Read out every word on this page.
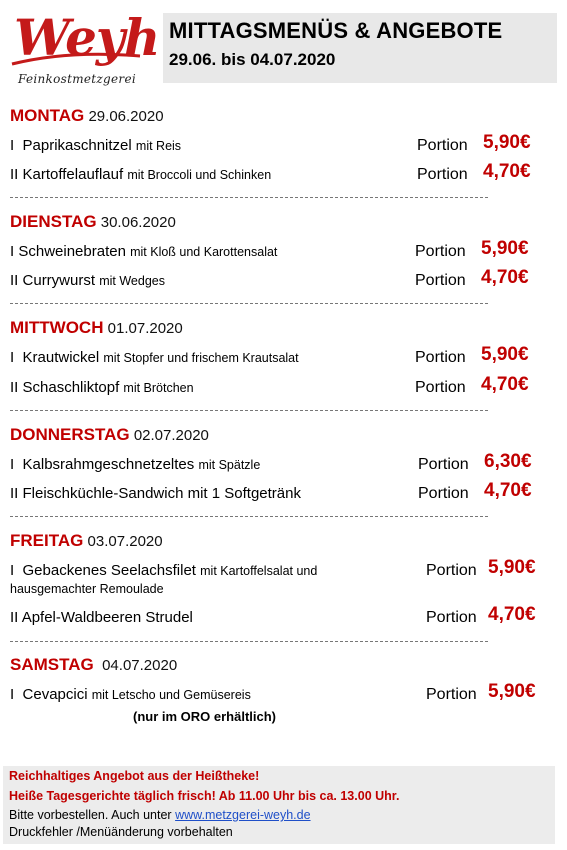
Weyh
Feinkostmetzgerei
MITTAGSMENÜS & ANGEBOTE
29.06. bis 04.07.2020
MONTAG 29.06.2020
I Paprikaschnitzel mit Reis	Portion 5,90€
II Kartoffelauflauf mit Broccoli und Schinken	Portion 4,70€
DIENSTAG 30.06.2020
I Schweinebraten mit Kloß und Karottensalat	Portion 5,90€
II Currywurst mit Wedges	Portion 4,70€
MITTWOCH 01.07.2020
I Krautwickel mit Stopfer und frischem Krautsalat	Portion 5,90€
II Schaschliktopf mit Brötchen	Portion 4,70€
DONNERSTAG 02.07.2020
I Kalbsrahmgeschnetzeltes mit Spätzle	Portion 6,30€
II Fleischküchle-Sandwich mit 1 Softgetränk	Portion 4,70€
FREITAG 03.07.2020
I Gebackenes Seelachsfilet mit Kartoffelsalat und
hausgemachter Remoulade
Portion 5,90€
II Apfel-Waldbeeren Strudel	Portion 4,70€
SAMSTAG 04.07.2020
I Cevapcici mit Letscho und Gemüsereis	Portion 5,90€
(nur im ORO erhältlich)
Reichhaltiges Angebot aus der Heißtheke!
Heiße Tagesgerichte täglich frisch! Ab 11.00 Uhr bis ca. 13.00 Uhr.
Bitte vorbestellen. Auch unter www.metzgerei-weyh.de
Druckfehler /Menüänderung vorbehalten
